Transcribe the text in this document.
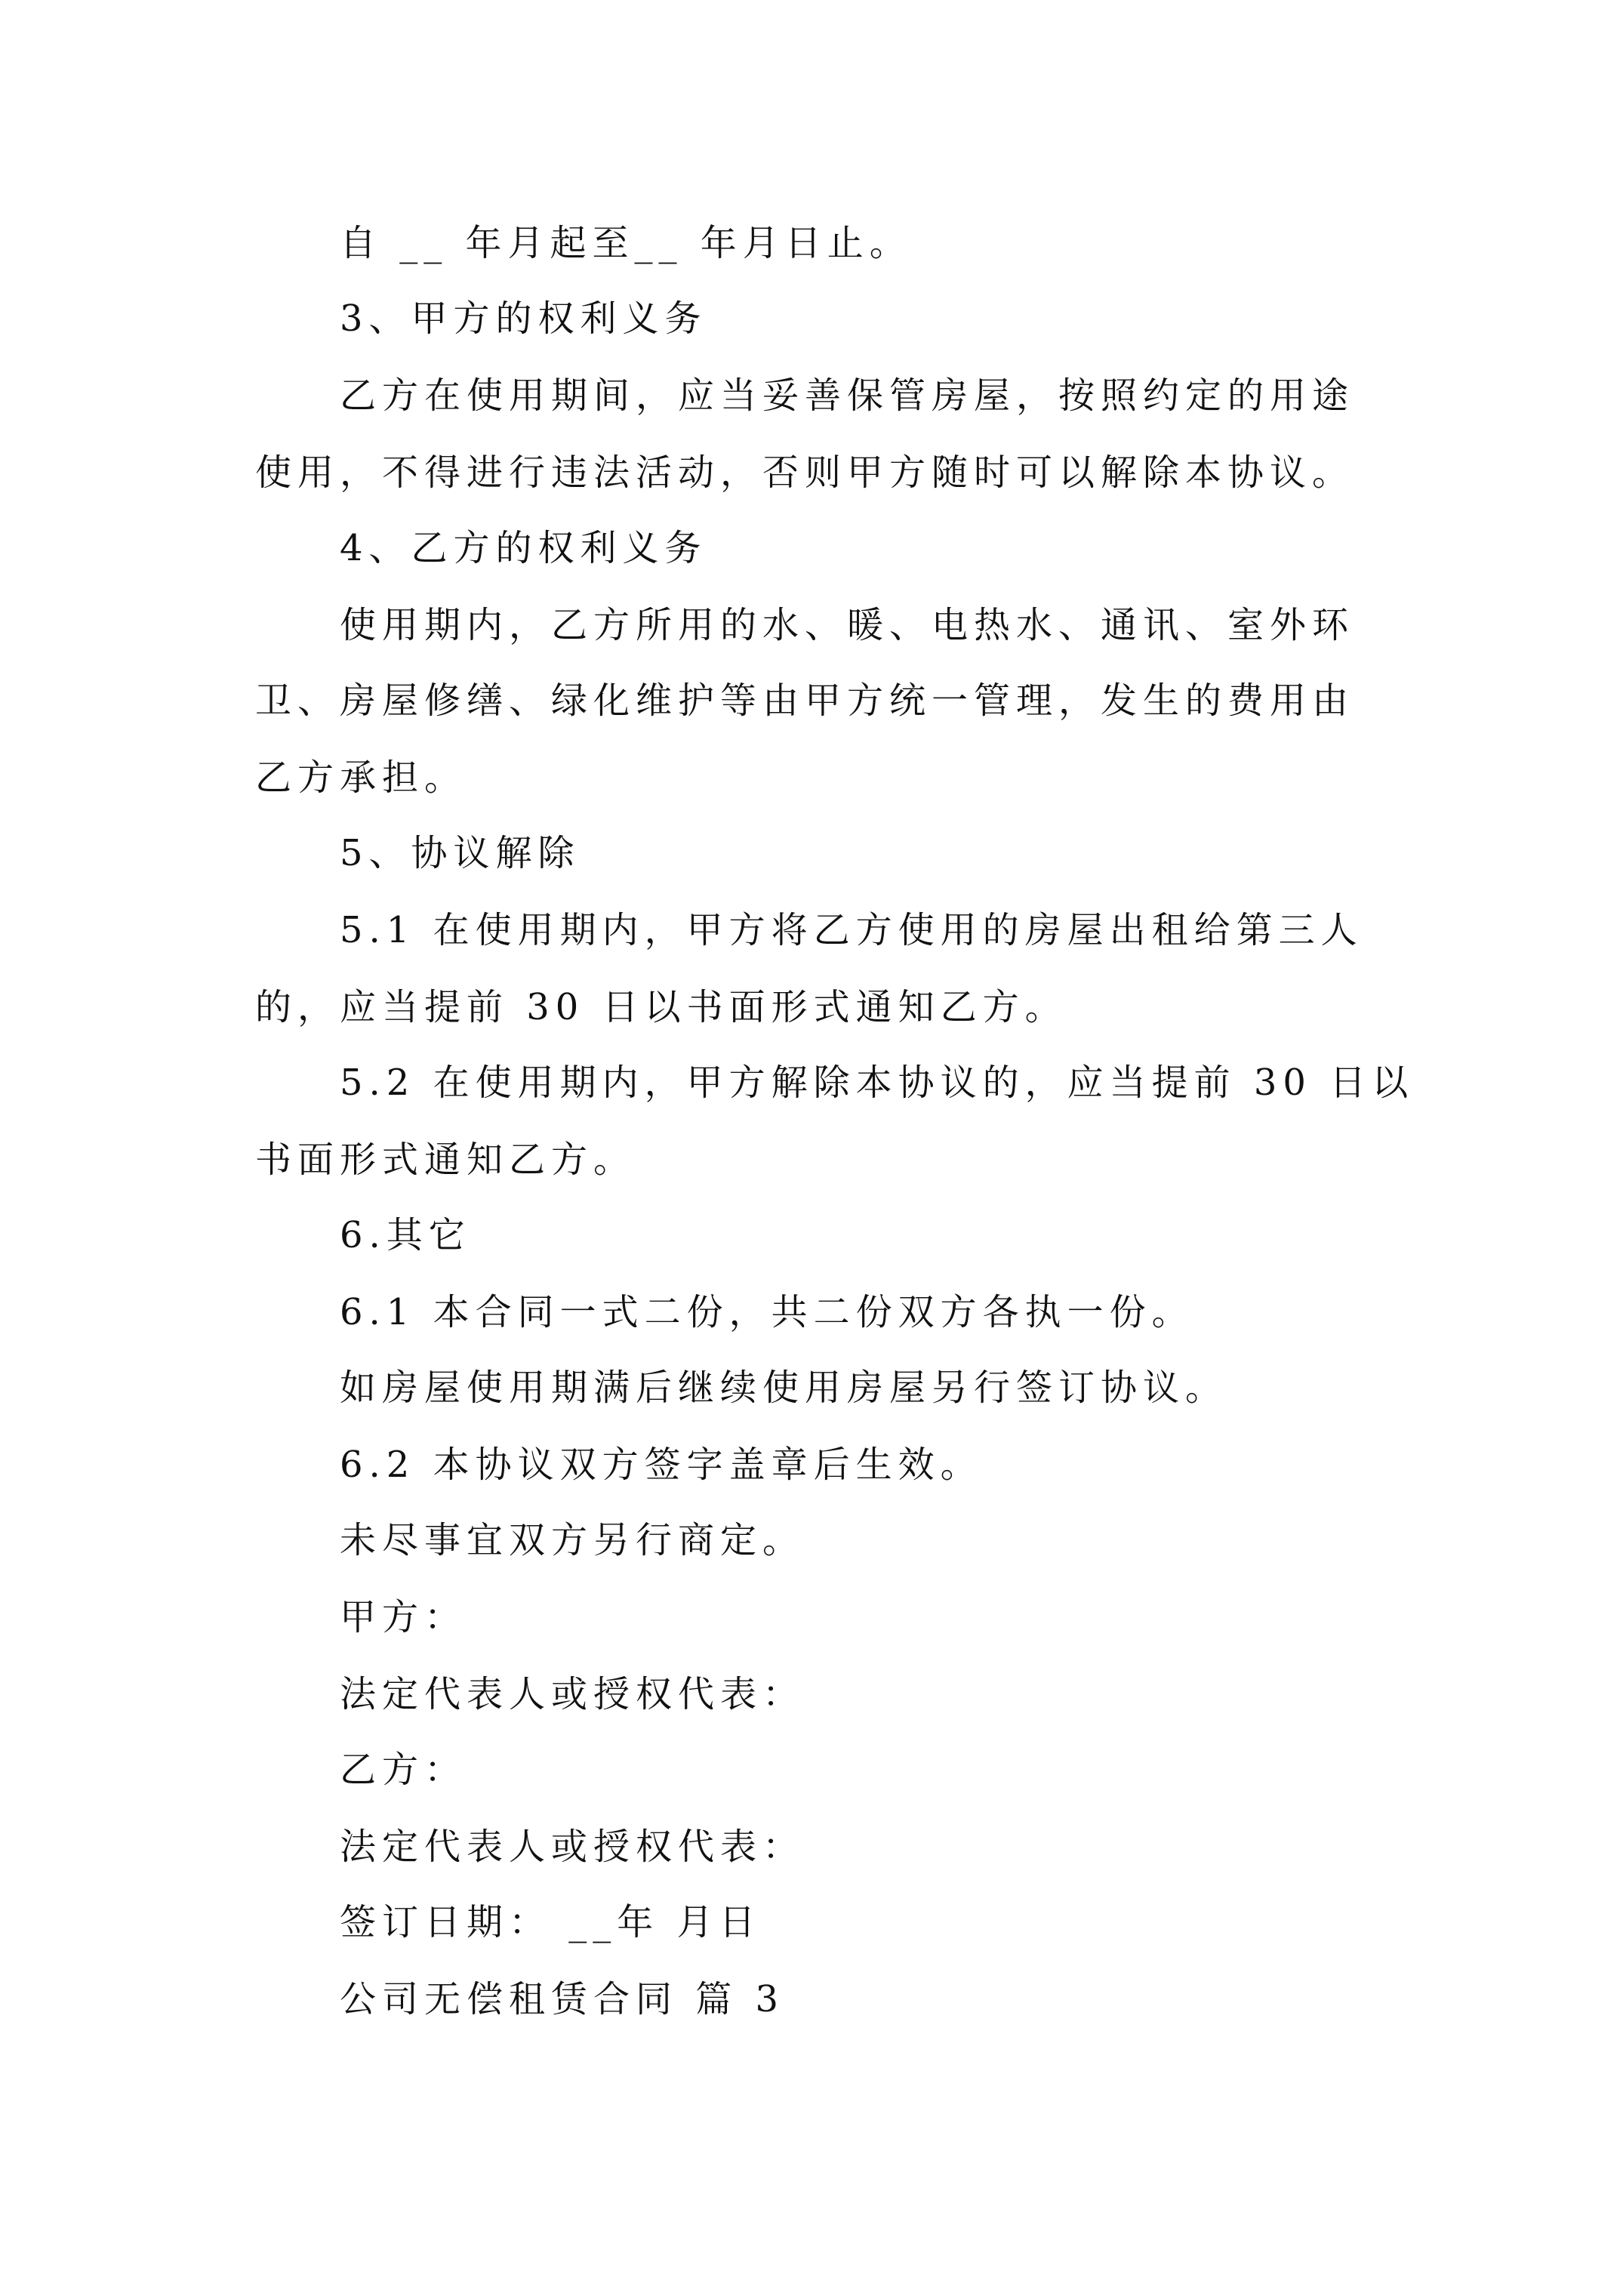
自 __ 年月起至__ 年月日止。
3、甲方的权利义务
乙方在使用期间，应当妥善保管房屋，按照约定的用途
使用，不得进行违法活动，否则甲方随时可以解除本协议。
4、乙方的权利义务
使用期内，乙方所用的水、暖、电热水、通讯、室外环
卫、房屋修缮、绿化维护等由甲方统一管理，发生的费用由
乙方承担。
5、协议解除
5.1 在使用期内，甲方将乙方使用的房屋出租给第三人
的，应当提前 30 日以书面形式通知乙方。
5.2 在使用期内，甲方解除本协议的，应当提前 30 日以
书面形式通知乙方。
6.其它
6.1 本合同一式二份，共二份双方各执一份。
如房屋使用期满后继续使用房屋另行签订协议。
6.2 本协议双方签字盖章后生效。
未尽事宜双方另行商定。
甲方：
法定代表人或授权代表：
乙方：
法定代表人或授权代表：
签订日期： __年 月日
公司无偿租赁合同 篇 3
